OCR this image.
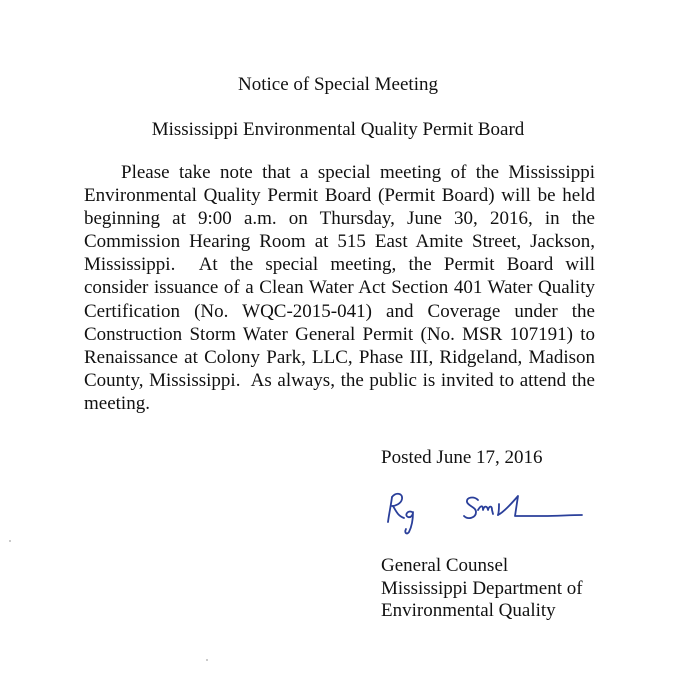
Notice of Special Meeting
Mississippi Environmental Quality Permit Board

Please take note that a special meeting of the Mississippi Environmental Quality Permit Board (Permit Board) will be held beginning at 9:00 a.m. on Thursday, June 30, 2016, in the Commission Hearing Room at 515 East Amite Street, Jackson, Mississippi.  At the special meeting, the Permit Board will consider issuance of a Clean Water Act Section 401 Water Quality Certification (No. WQC-2015-041) and Coverage under the Construction Storm Water General Permit (No. MSR 107191) to Renaissance at Colony Park, LLC, Phase III, Ridgeland, Madison County, Mississippi.  As always, the public is invited to attend the meeting.

Posted June 17, 2016

General Counsel
Mississippi Department of
Environmental Quality
